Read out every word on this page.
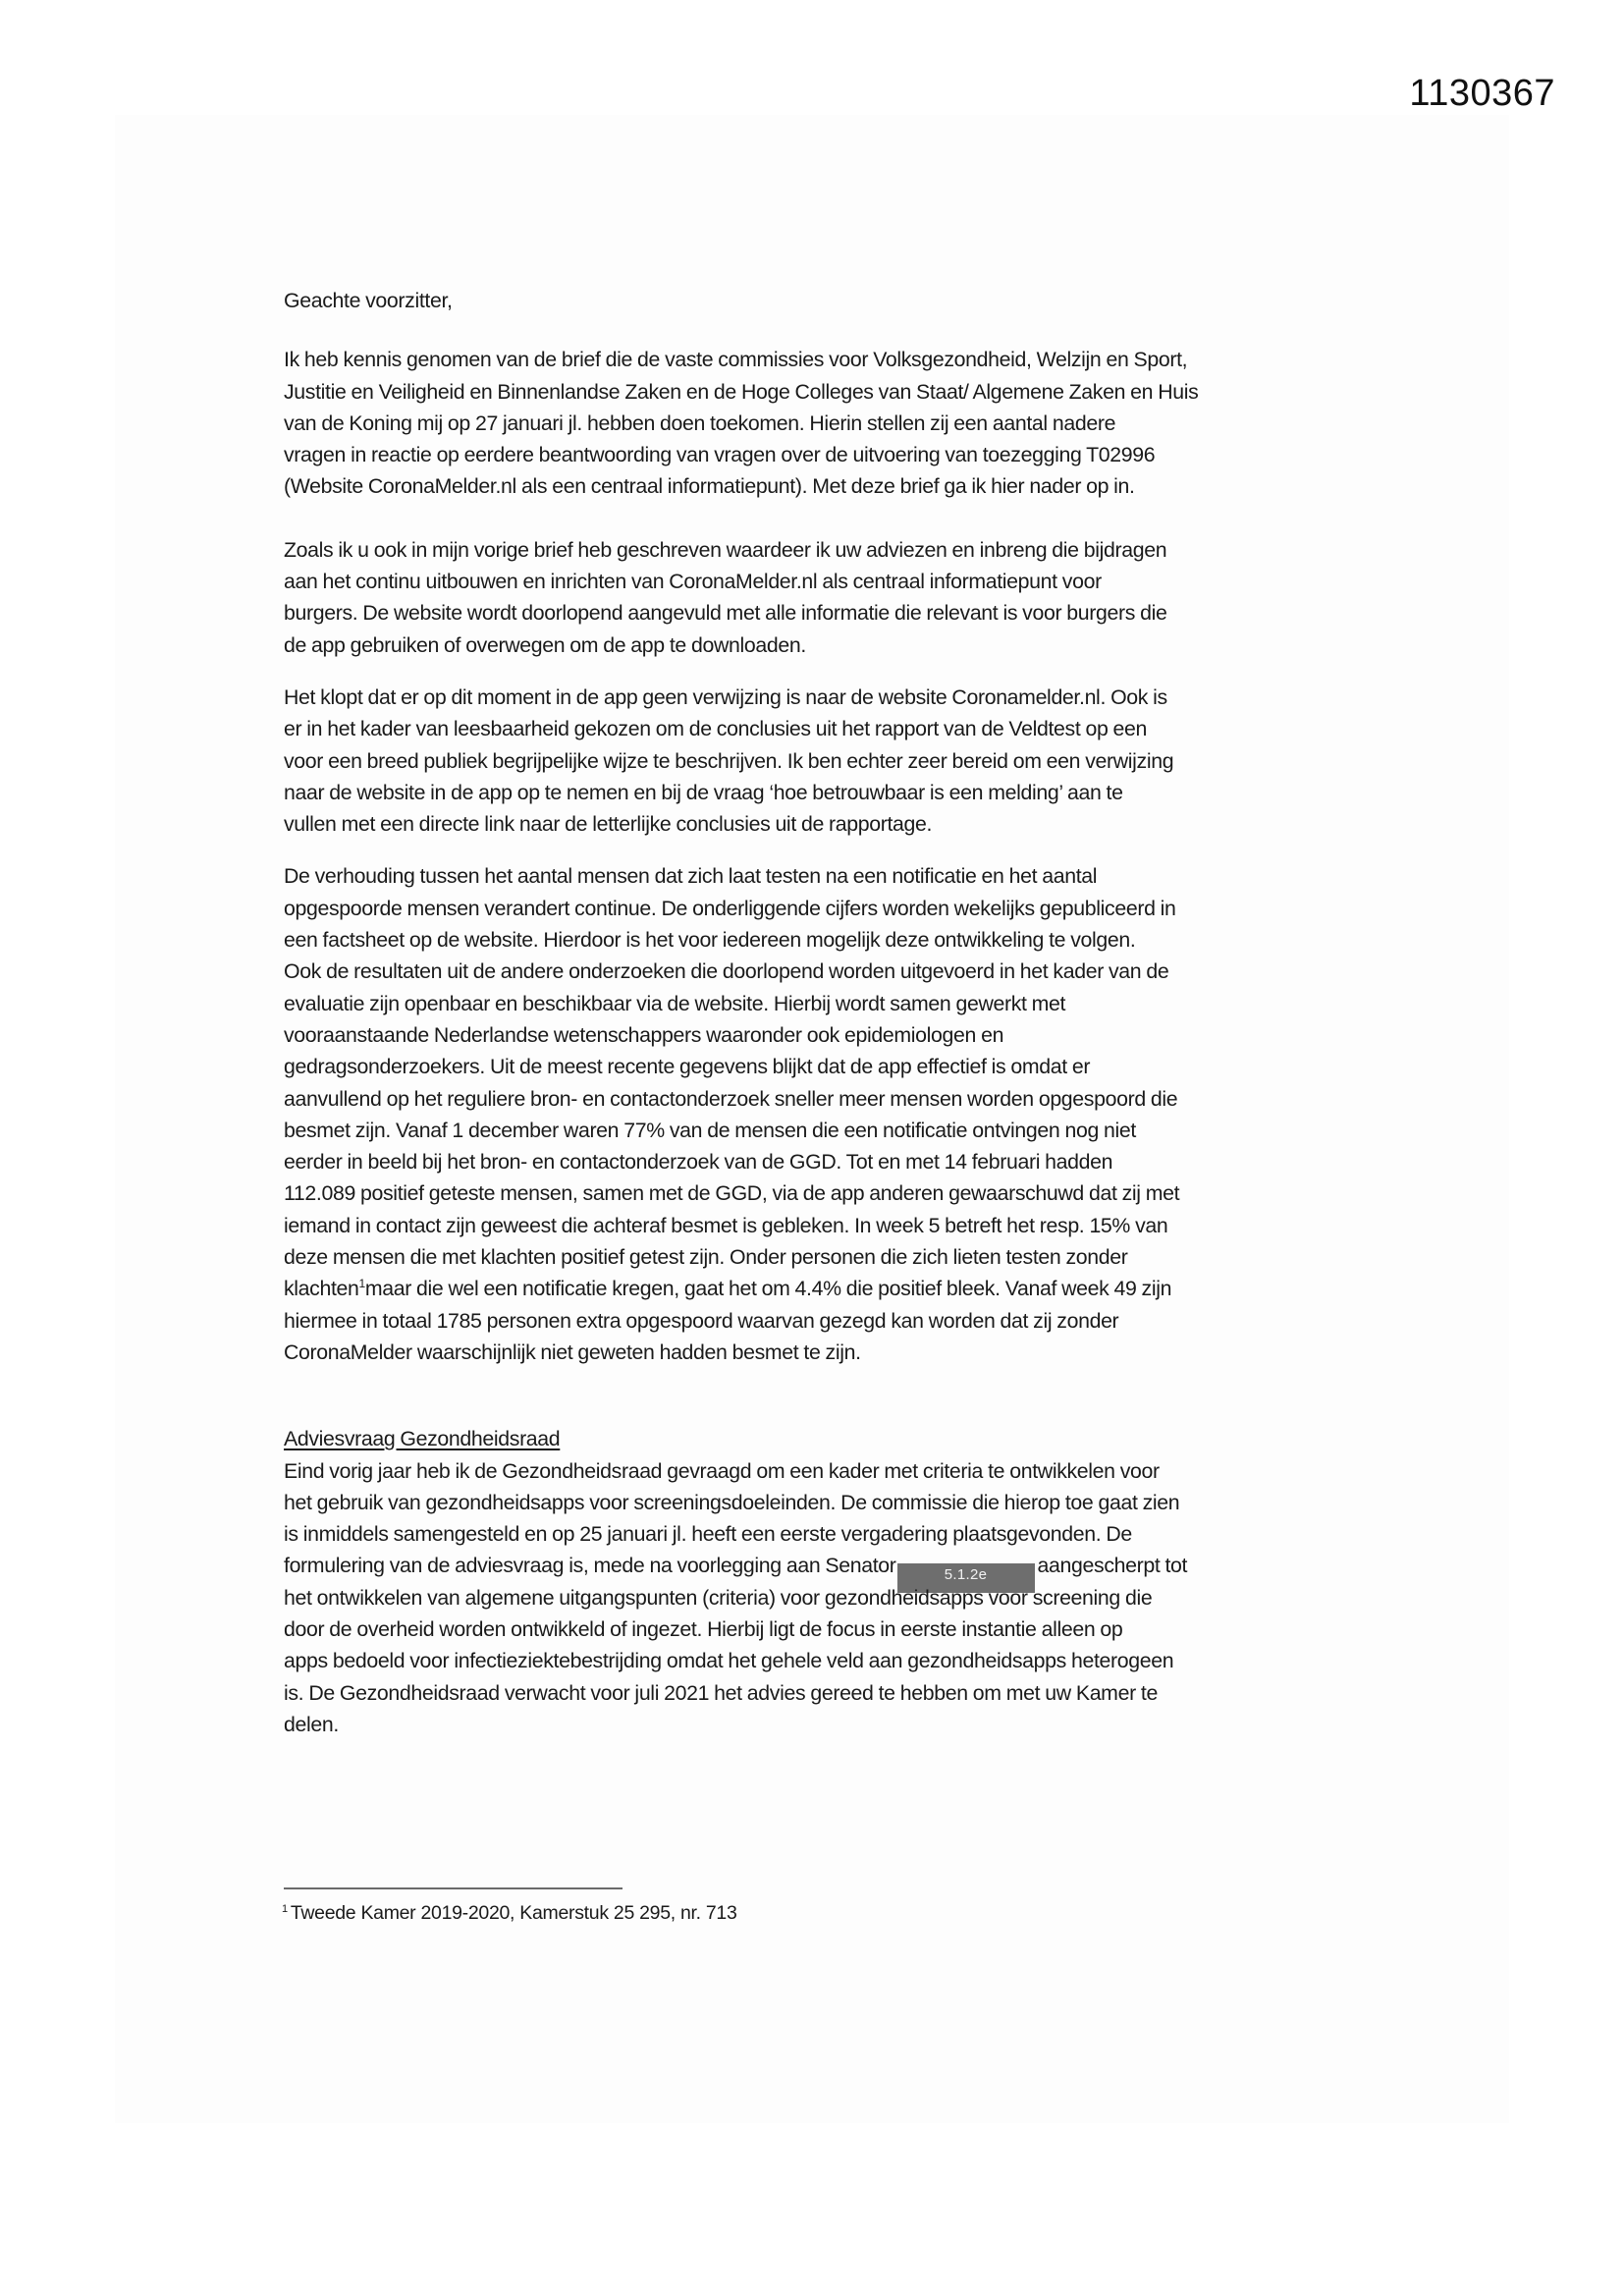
1130367
Geachte voorzitter,
Ik heb kennis genomen van de brief die de vaste commissies voor Volksgezondheid, Welzijn en Sport,
Justitie en Veiligheid en Binnenlandse Zaken en de Hoge Colleges van Staat/ Algemene Zaken en Huis
van de Koning mij op 27 januari jl. hebben doen toekomen. Hierin stellen zij een aantal nadere
vragen in reactie op eerdere beantwoording van vragen over de uitvoering van toezegging T02996
(Website CoronaMelder.nl als een centraal informatiepunt). Met deze brief ga ik hier nader op in.
Zoals ik u ook in mijn vorige brief heb geschreven waardeer ik uw adviezen en inbreng die bijdragen
aan het continu uitbouwen en inrichten van CoronaMelder.nl als centraal informatiepunt voor
burgers. De website wordt doorlopend aangevuld met alle informatie die relevant is voor burgers die
de app gebruiken of overwegen om de app te downloaden.
Het klopt dat er op dit moment in de app geen verwijzing is naar de website Coronamelder.nl. Ook is
er in het kader van leesbaarheid gekozen om de conclusies uit het rapport van de Veldtest op een
voor een breed publiek begrijpelijke wijze te beschrijven. Ik ben echter zeer bereid om een verwijzing
naar de website in de app op te nemen en bij de vraag ‘hoe betrouwbaar is een melding’ aan te
vullen met een directe link naar de letterlijke conclusies uit de rapportage.
De verhouding tussen het aantal mensen dat zich laat testen na een notificatie en het aantal
opgespoorde mensen verandert continue. De onderliggende cijfers worden wekelijks gepubliceerd in
een factsheet op de website. Hierdoor is het voor iedereen mogelijk deze ontwikkeling te volgen.
Ook de resultaten uit de andere onderzoeken die doorlopend worden uitgevoerd in het kader van de
evaluatie zijn openbaar en beschikbaar via de website. Hierbij wordt samen gewerkt met
vooraanstaande Nederlandse wetenschappers waaronder ook epidemiologen en
gedragsonderzoekers. Uit de meest recente gegevens blijkt dat de app effectief is omdat er
aanvullend op het reguliere bron- en contactonderzoek sneller meer mensen worden opgespoord die
besmet zijn. Vanaf 1 december waren 77% van de mensen die een notificatie ontvingen nog niet
eerder in beeld bij het bron- en contactonderzoek van de GGD. Tot en met 14 februari hadden
112.089 positief geteste mensen, samen met de GGD, via de app anderen gewaarschuwd dat zij met
iemand in contact zijn geweest die achteraf besmet is gebleken. In week 5 betreft het resp. 15% van
deze mensen die met klachten positief getest zijn. Onder personen die zich lieten testen zonder
klachten$^1$maar die wel een notificatie kregen, gaat het om 4.4% die positief bleek. Vanaf week 49 zijn
hiermee in totaal 1785 personen extra opgespoord waarvan gezegd kan worden dat zij zonder
CoronaMelder waarschijnlijk niet geweten hadden besmet te zijn.
Adviesvraag Gezondheidsraad
Eind vorig jaar heb ik de Gezondheidsraad gevraagd om een kader met criteria te ontwikkelen voor
het gebruik van gezondheidsapps voor screeningsdoeleinden. De commissie die hierop toe gaat zien
is inmiddels samengesteld en op 25 januari jl. heeft een eerste vergadering plaatsgevonden. De
formulering van de adviesvraag is, mede na voorlegging aan Senator	5.1.2e aangescherpt tot
het ontwikkelen van algemene uitgangspunten (criteria) voor gezondheidsapps voor screening die
door de overheid worden ontwikkeld of ingezet. Hierbij ligt de focus in eerste instantie alleen op
apps bedoeld voor infectieziektebestrijding omdat het gehele veld aan gezondheidsapps heterogeen
is. De Gezondheidsraad verwacht voor juli 2021 het advies gereed te hebben om met uw Kamer te
delen.
$^1$ Tweede Kamer 2019-2020, Kamerstuk 25 295, nr. 713
